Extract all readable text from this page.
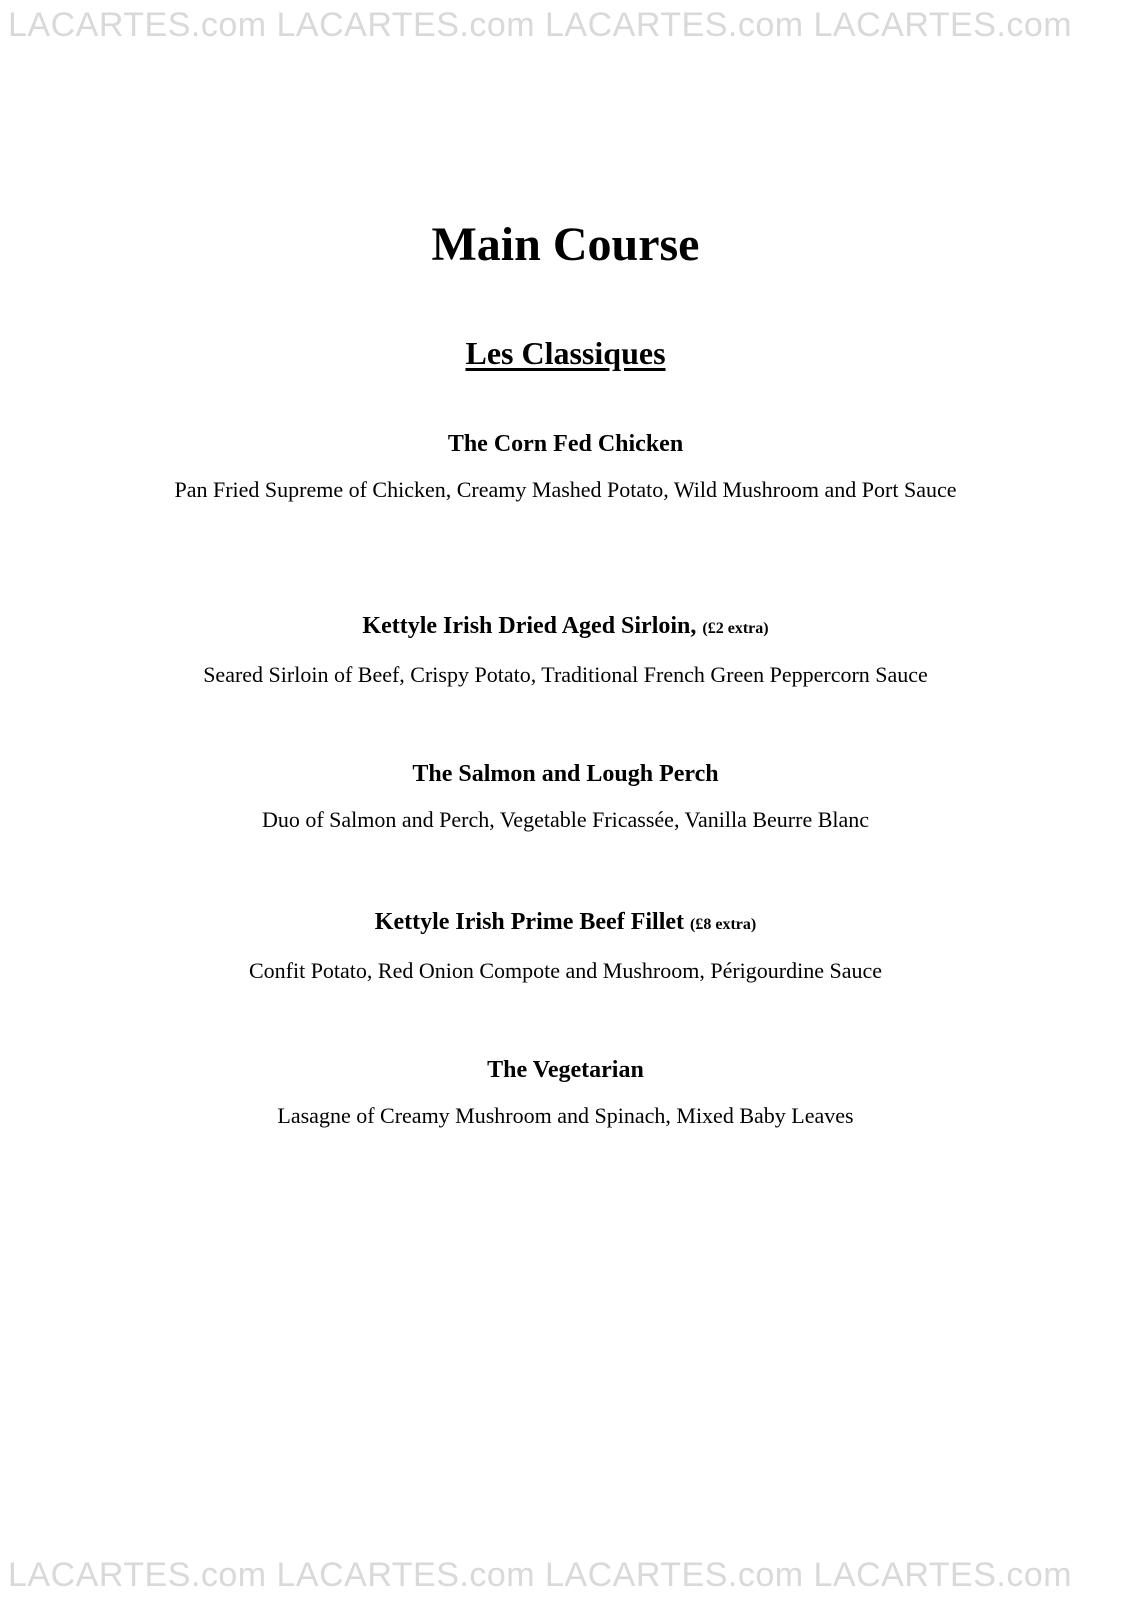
LACARTES.com LACARTES.com LACARTES.com LACARTES.com
Main Course
Les Classiques

The Corn Fed Chicken

Pan Fried Supreme of Chicken, Creamy Mashed Potato, Wild Mushroom and Port Sauce

Kettyle Irish Dried Aged Sirloin, (£2 extra)

Seared Sirloin of Beef, Crispy Potato, Traditional French Green Peppercorn Sauce

The Salmon and Lough Perch

Duo of Salmon and Perch, Vegetable Fricassée, Vanilla Beurre Blanc

Kettyle Irish Prime Beef Fillet (£8 extra)

Confit Potato, Red Onion Compote and Mushroom, Périgourdine Sauce

The Vegetarian

Lasagne of Creamy Mushroom and Spinach, Mixed Baby Leaves

LACARTES.com LACARTES.com LACARTES.com LACARTES.com
